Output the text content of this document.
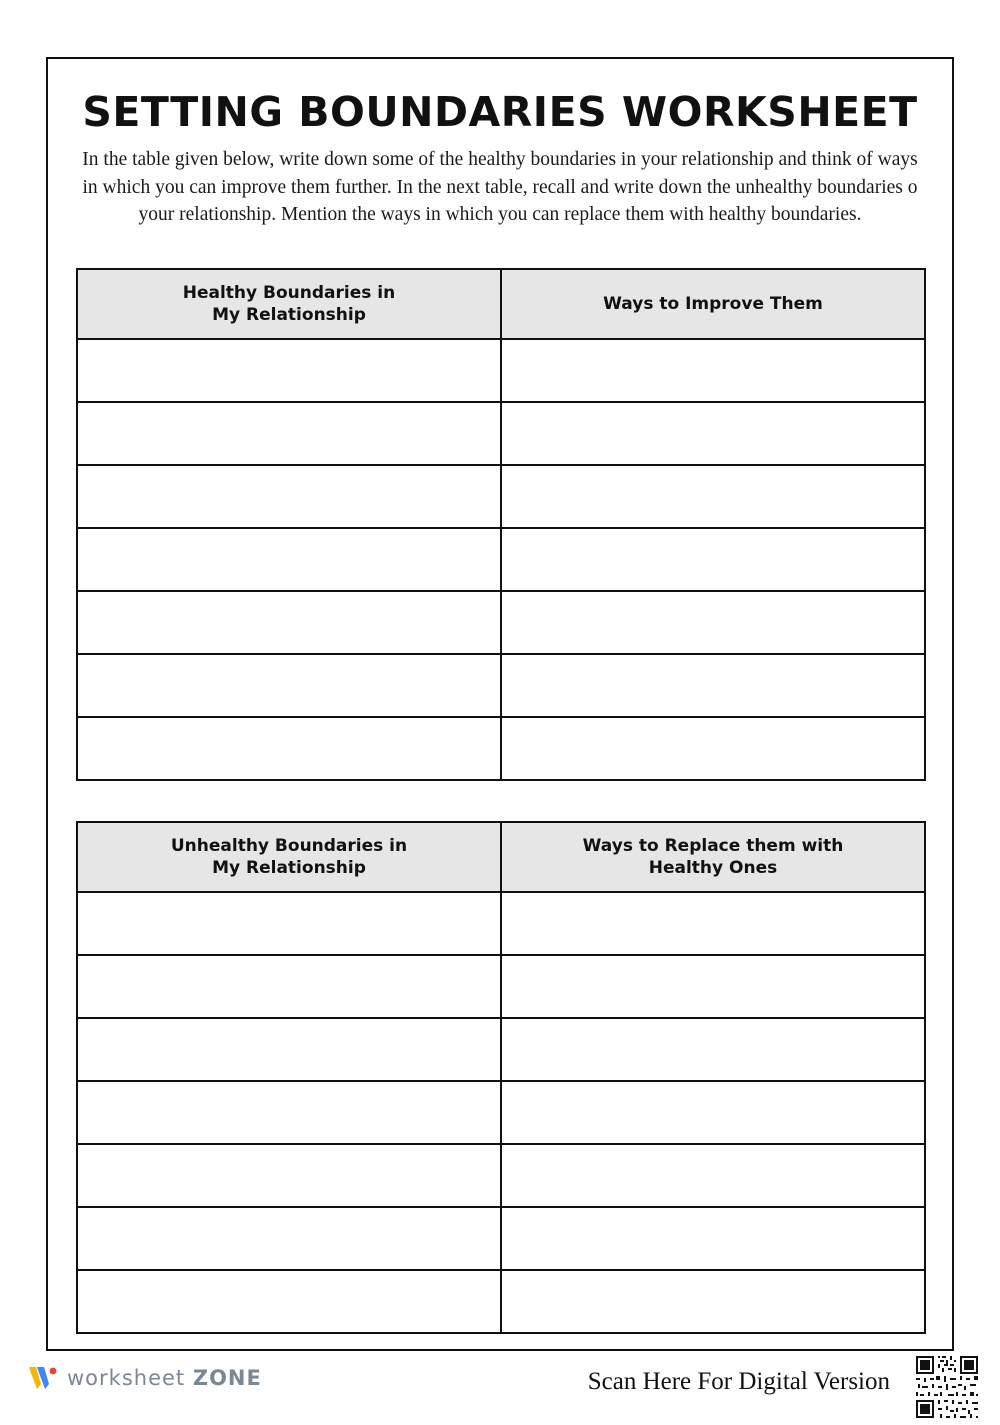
SETTING BOUNDARIES WORKSHEET

In the table given below, write down some of the healthy boundaries in your relationship and think of ways in which you can improve them further. In the next table, recall and write down the unhealthy boundaries o your relationship. Mention the ways in which you can replace them with healthy boundaries.

Healthy Boundaries in
My Relationship	Ways to Improve Them

Unhealthy Boundaries in
My Relationship	Ways to Replace them with
Healthy Ones

worksheet ZONE	Scan Here For Digital Version
